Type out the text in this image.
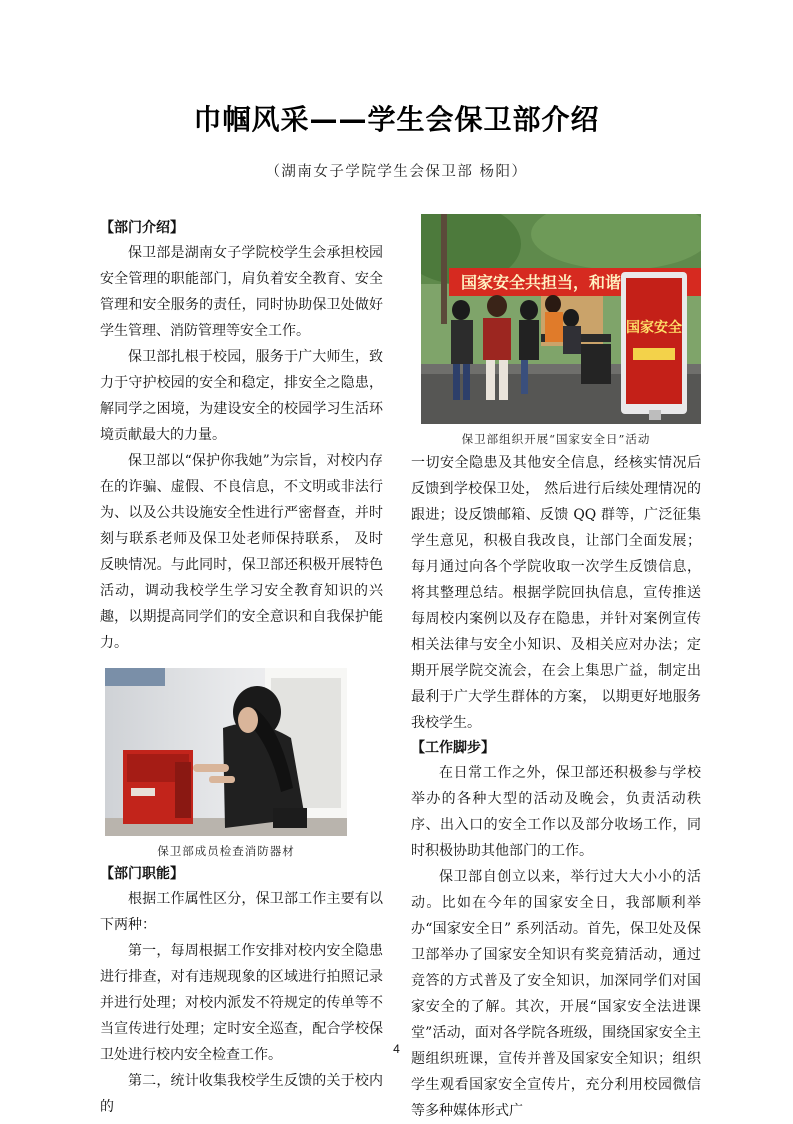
巾帼风采——学生会保卫部介绍
（湖南女子学院学生会保卫部 杨阳）
【部门介绍】

保卫部是湖南女子学院校学生会承担校园安全管理的职能部门，肩负着安全教育、安全管理和安全服务的责任，同时协助保卫处做好学生管理、消防管理等安全工作。

保卫部扎根于校园，服务于广大师生，致力于守护校园的安全和稳定，排安全之隐患，解同学之困境，为建设安全的校园学习生活环境贡献最大的力量。

保卫部以“保护你我她”为宗旨，对校内存在的诈骗、虚假、不良信息，不文明或非法行为、以及公共设施安全性进行严密督查，并时刻与联系老师及保卫处老师保持联系， 及时反映情况。与此同时，保卫部还积极开展特色活动，调动我校学生学习安全教育知识的兴趣，以期提高同学们的安全意识和自我保护能力。

保卫部成员检查消防器材
【部门职能】

根据工作属性区分，保卫部工作主要有以下两种：

第一，每周根据工作安排对校内安全隐患进行排查，对有违规现象的区域进行拍照记录并进行处理；对校内派发不符规定的传单等不当宣传进行处理；定时安全巡查，配合学校保卫处进行校内安全检查工作。

第二，统计收集我校学生反馈的关于校内的

国家安全共担当，和谐
国家安全
保卫部组织开展“国家安全日”活动

一切安全隐患及其他安全信息，经核实情况后反馈到学校保卫处， 然后进行后续处理情况的跟进；设反馈邮箱、反馈 QQ 群等，广泛征集学生意见，积极自我改良，让部门全面发展；每月通过向各个学院收取一次学生反馈信息，将其整理总结。根据学院回执信息，宣传推送每周校内案例以及存在隐患，并针对案例宣传相关法律与安全小知识、及相关应对办法；定期开展学院交流会，在会上集思广益，制定出最利于广大学生群体的方案， 以期更好地服务我校学生。

【工作脚步】

在日常工作之外，保卫部还积极参与学校举办的各种大型的活动及晚会，负责活动秩序、出入口的安全工作以及部分收场工作，同时积极协助其他部门的工作。

保卫部自创立以来，举行过大大小小的活动。比如在今年的国家安全日，我部顺利举办“国家安全日” 系列活动。首先，保卫处及保卫部举办了国家安全知识有奖竞猜活动，通过竞答的方式普及了安全知识，加深同学们对国家安全的了解。其次，开展“国家安全法进课堂”活动，面对各学院各班级，围绕国家安全主题组织班课，宣传并普及国家安全知识；组织学生观看国家安全宣传片，充分利用校园微信等多种媒体形式广

4
